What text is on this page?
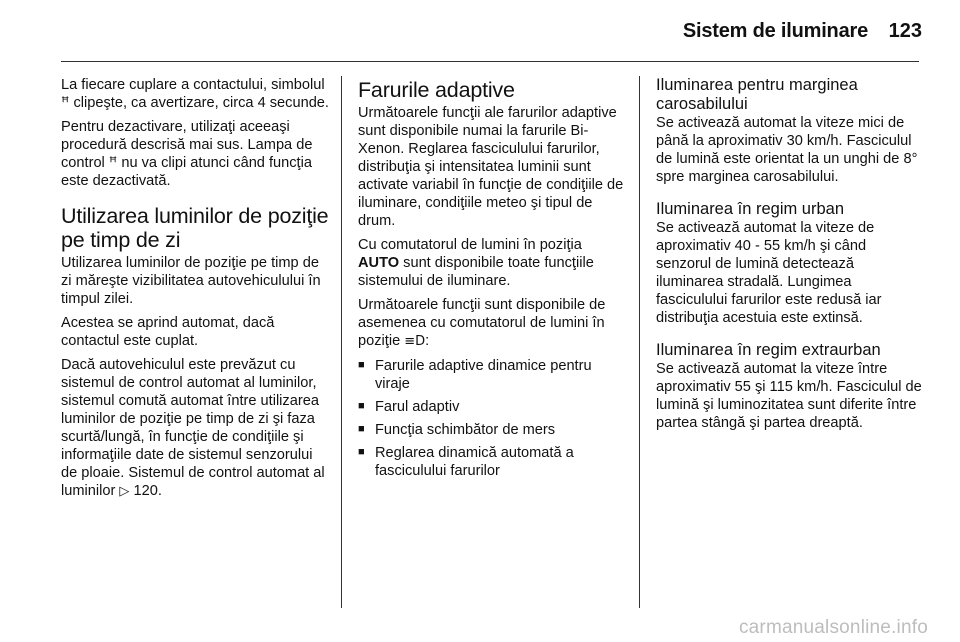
Sistem de iluminare 123

La fiecare cuplare a contactului, simbolul ꟸ clipeşte, ca avertizare, circa 4 secunde.

Pentru dezactivare, utilizaţi aceeaşi procedură descrisă mai sus. Lampa de control ꟸ nu va clipi atunci când funcţia este dezactivată.

Utilizarea luminilor de poziţie pe timp de zi

Utilizarea luminilor de poziţie pe timp de zi măreşte vizibilitatea autovehiculului în timpul zilei.

Acestea se aprind automat, dacă contactul este cuplat.

Dacă autovehiculul este prevăzut cu sistemul de control automat al luminilor, sistemul comută automat între utilizarea luminilor de poziţie pe timp de zi şi faza scurtă/lungă, în funcţie de condiţiile şi informaţiile date de sistemul senzorului de ploaie. Sistemul de control automat al luminilor ▷ 120.

Farurile adaptive

Următoarele funcţii ale farurilor adaptive sunt disponibile numai la farurile Bi-Xenon. Reglarea fasciculului farurilor, distribuţia şi intensitatea luminii sunt activate variabil în funcţie de condiţiile de iluminare, condiţiile meteo şi tipul de drum.

Cu comutatorul de lumini în poziţia AUTO sunt disponibile toate funcţiile sistemului de iluminare.

Următoarele funcţii sunt disponibile de asemenea cu comutatorul de lumini în poziţie ≡D:

■ Farurile adaptive dinamice pentru viraje
■ Farul adaptiv
■ Funcţia schimbător de mers
■ Reglarea dinamică automată a fasciculului farurilor
Iluminarea pentru marginea carosabilului

Se activează automat la viteze mici de până la aproximativ 30 km/h. Fasciculul de lumină este orientat la un unghi de 8° spre marginea carosabilului.

Iluminarea în regim urban

Se activează automat la viteze de aproximativ 40 - 55 km/h şi când senzorul de lumină detectează iluminarea stradală. Lungimea fasciculului farurilor este redusă iar distribuţia acestuia este extinsă.

Iluminarea în regim extraurban

Se activează automat la viteze între aproximativ 55 şi 115 km/h. Fasciculul de lumină şi luminozitatea sunt diferite între partea stângă şi partea dreaptă.

carmanualsonline.info
